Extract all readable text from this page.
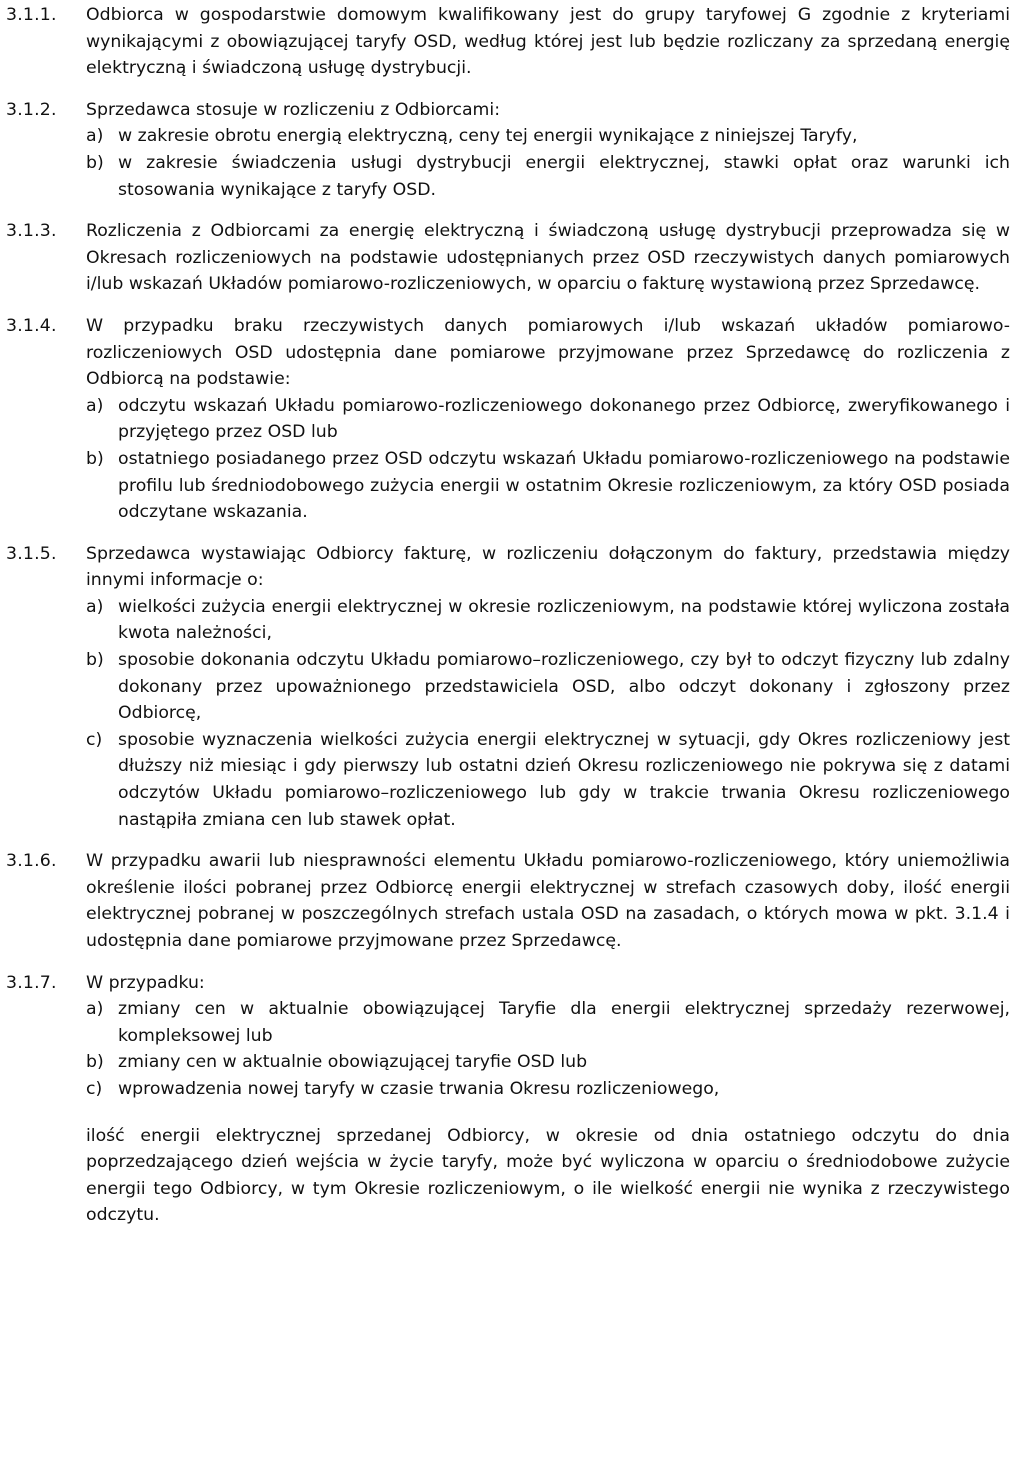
3.1.1.	Odbiorca w gospodarstwie domowym kwalifikowany jest do grupy taryfowej G zgodnie z kryteriami wynikającymi z obowiązującej taryfy OSD, według której jest lub będzie rozliczany za sprzedaną energię elektryczną i świadczoną usługę dystrybucji.

3.1.2.	Sprzedawca stosuje w rozliczeniu z Odbiorcami:

a) w zakresie obrotu energią elektryczną, ceny tej energii wynikające z niniejszej Taryfy,
b) w zakresie świadczenia usługi dystrybucji energii elektrycznej, stawki opłat oraz warunki ich stosowania wynikające z taryfy OSD.
3.1.3.	Rozliczenia z Odbiorcami za energię elektryczną i świadczoną usługę dystrybucji przeprowadza się w Okresach rozliczeniowych na podstawie udostępnianych przez OSD rzeczywistych danych pomiarowych i/lub wskazań Układów pomiarowo-rozliczeniowych, w oparciu o fakturę wystawioną przez Sprzedawcę.

3.1.4.	W przypadku braku rzeczywistych danych pomiarowych i/lub wskazań układów pomiarowo-rozliczeniowych OSD udostępnia dane pomiarowe przyjmowane przez Sprzedawcę do rozliczenia z Odbiorcą na podstawie:

a) odczytu wskazań Układu pomiarowo-rozliczeniowego dokonanego przez Odbiorcę, zweryfikowanego i przyjętego przez OSD lub
b) ostatniego posiadanego przez OSD odczytu wskazań Układu pomiarowo-rozliczeniowego na podstawie profilu lub średniodobowego zużycia energii w ostatnim Okresie rozliczeniowym, za który OSD posiada odczytane wskazania.
3.1.5.	Sprzedawca wystawiając Odbiorcy fakturę, w rozliczeniu dołączonym do faktury, przedstawia między innymi informacje o:

a) wielkości zużycia energii elektrycznej w okresie rozliczeniowym, na podstawie której wyliczona została kwota należności,
b) sposobie dokonania odczytu Układu pomiarowo–rozliczeniowego, czy był to odczyt fizyczny lub zdalny dokonany przez upoważnionego przedstawiciela OSD, albo odczyt dokonany i zgłoszony przez Odbiorcę,
c) sposobie wyznaczenia wielkości zużycia energii elektrycznej w sytuacji, gdy Okres rozliczeniowy jest dłuższy niż miesiąc i gdy pierwszy lub ostatni dzień Okresu rozliczeniowego nie pokrywa się z datami odczytów Układu pomiarowo–rozliczeniowego lub gdy w trakcie trwania Okresu rozliczeniowego nastąpiła zmiana cen lub stawek opłat.
3.1.6.	W przypadku awarii lub niesprawności elementu Układu pomiarowo-rozliczeniowego, który uniemożliwia określenie ilości pobranej przez Odbiorcę energii elektrycznej w strefach czasowych doby, ilość energii elektrycznej pobranej w poszczególnych strefach ustala OSD na zasadach, o których mowa w pkt. 3.1.4 i udostępnia dane pomiarowe przyjmowane przez Sprzedawcę.

3.1.7.	W przypadku:

a) zmiany cen w aktualnie obowiązującej Taryfie dla energii elektrycznej sprzedaży rezerwowej, kompleksowej lub
b) zmiany cen w aktualnie obowiązującej taryfie OSD lub
c) wprowadzenia nowej taryfy w czasie trwania Okresu rozliczeniowego,

ilość energii elektrycznej sprzedanej Odbiorcy, w okresie od dnia ostatniego odczytu do dnia poprzedzającego dzień wejścia w życie taryfy, może być wyliczona w oparciu o średniodobowe zużycie energii tego Odbiorcy, w tym Okresie rozliczeniowym, o ile wielkość energii nie wynika z rzeczywistego odczytu.
